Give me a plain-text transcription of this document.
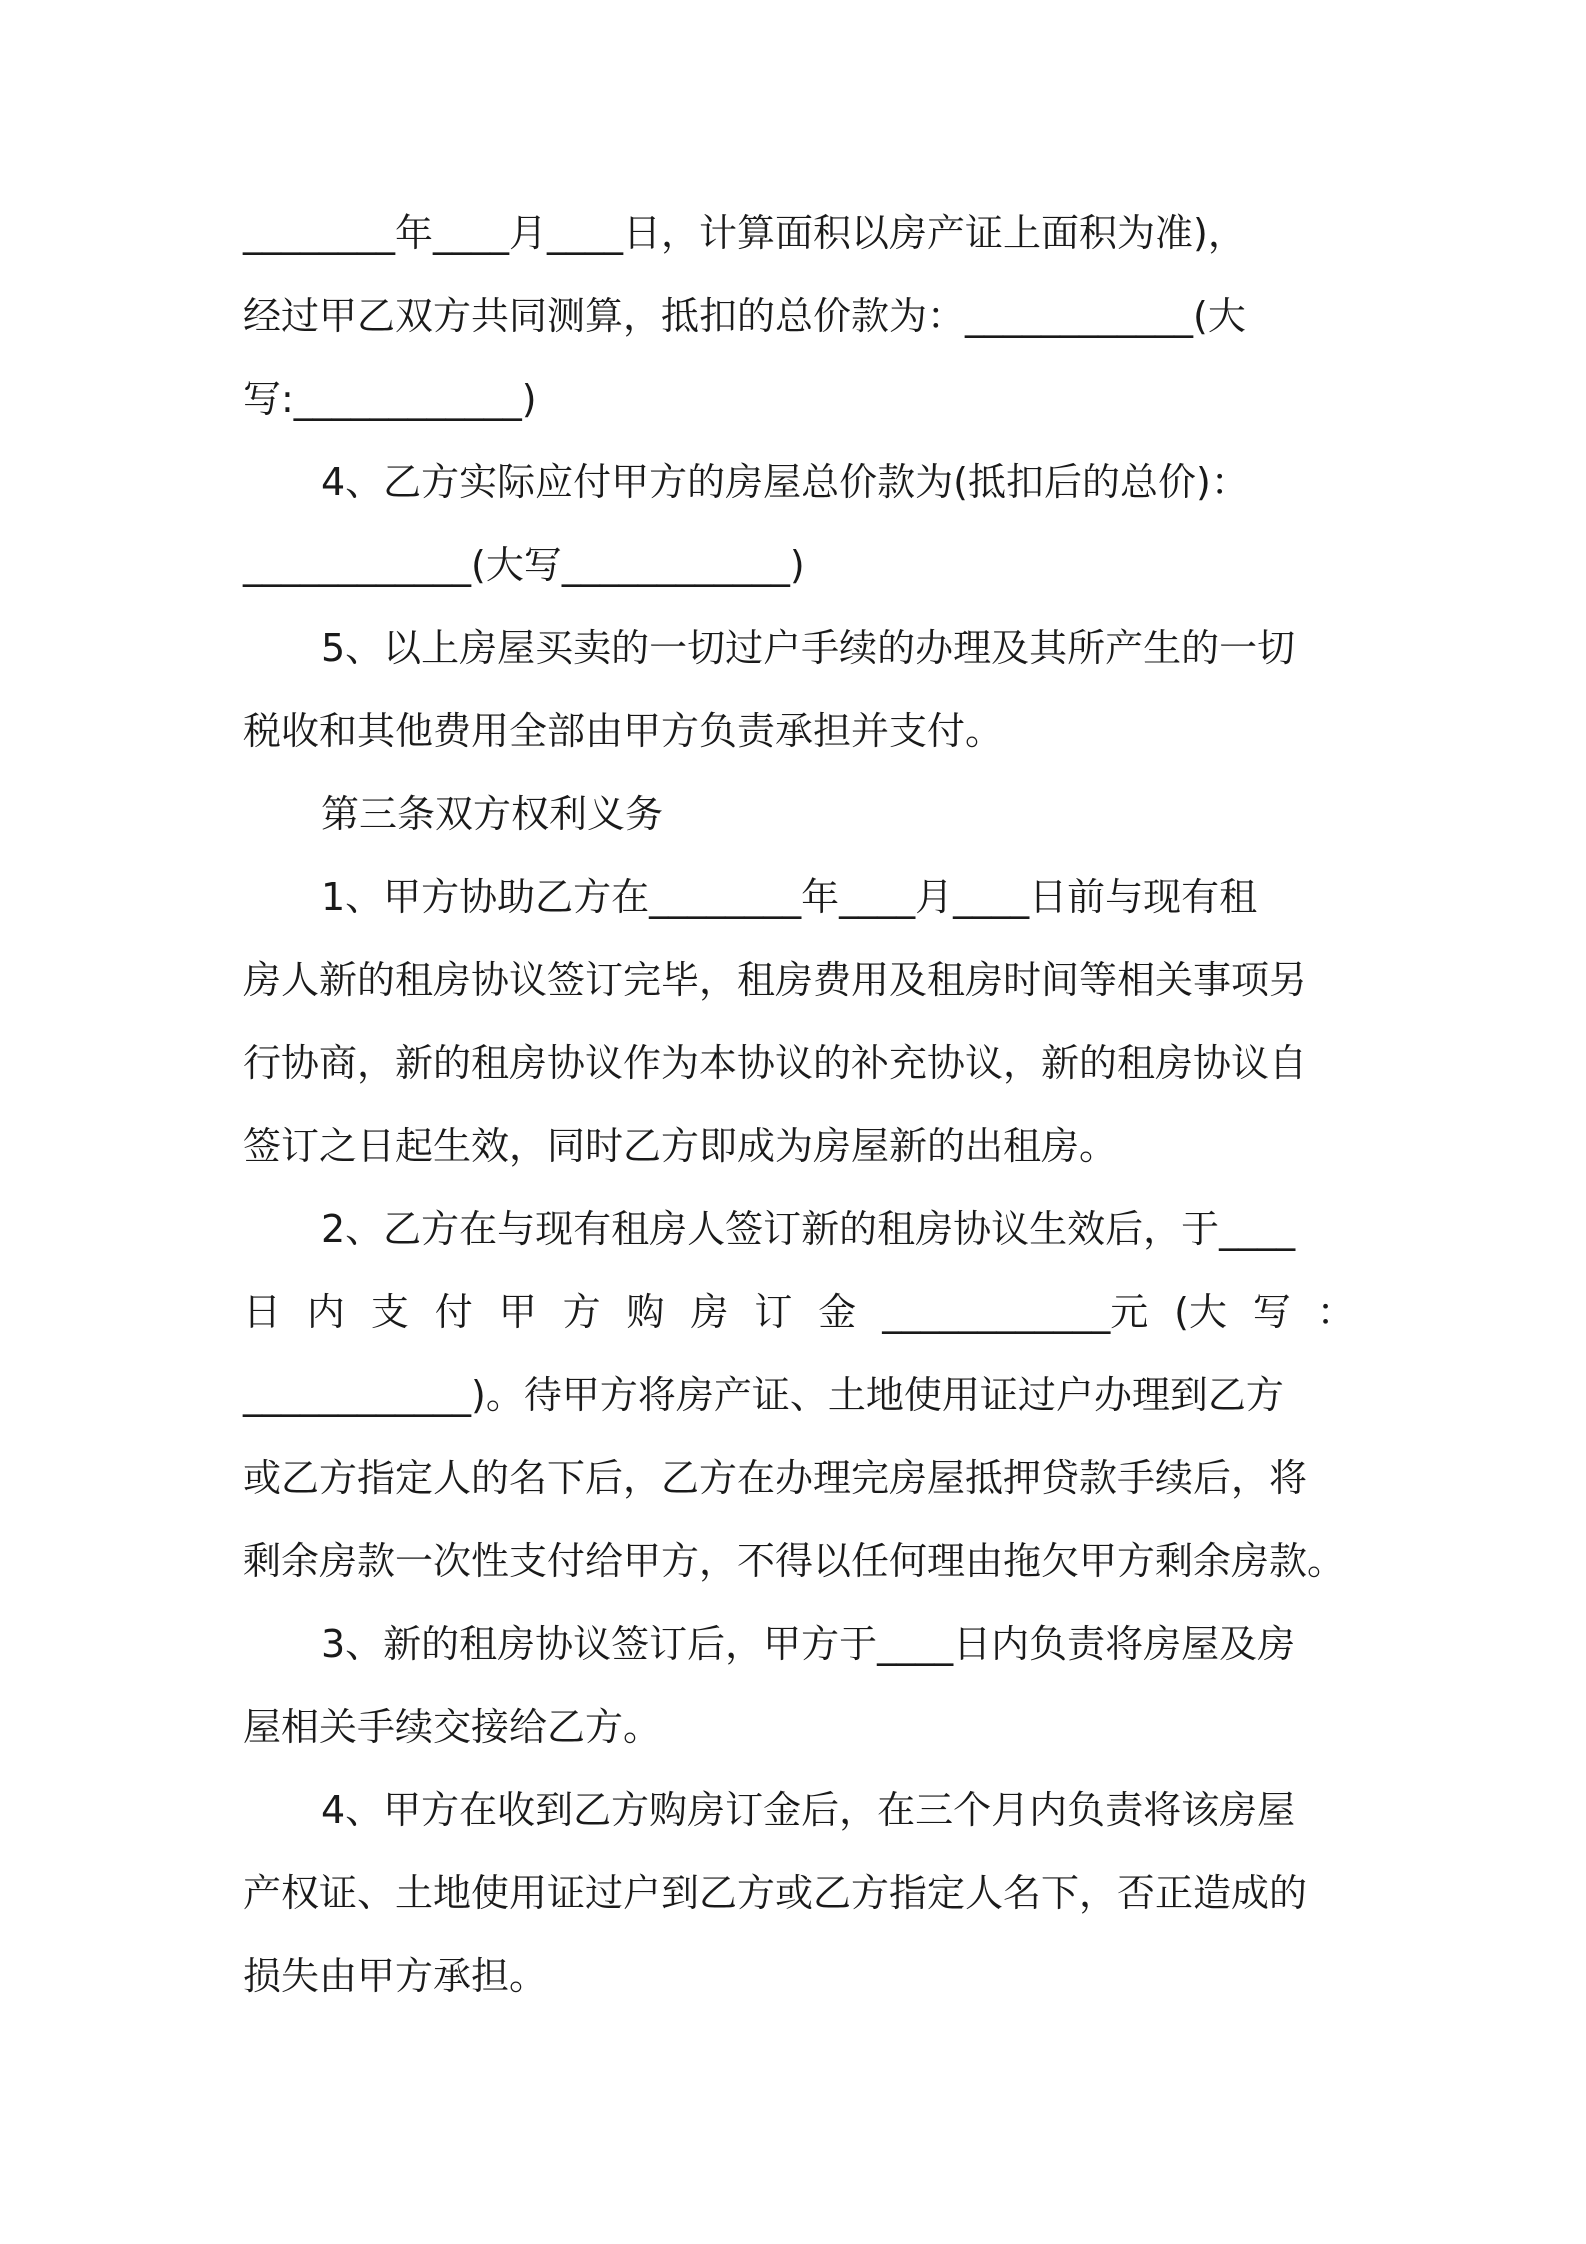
________年____月____日，计算面积以房产证上面积为准)，
经过甲乙双方共同测算，抵扣的总价款为：____________(大
写:____________)
4、乙方实际应付甲方的房屋总价款为(抵扣后的总价)：
____________(大写____________)
5、以上房屋买卖的一切过户手续的办理及其所产生的一切
税收和其他费用全部由甲方负责承担并支付。
第三条双方权利义务
1、甲方协助乙方在________年____月____日前与现有租
房人新的租房协议签订完毕，租房费用及租房时间等相关事项另
行协商，新的租房协议作为本协议的补充协议，新的租房协议自
签订之日起生效，同时乙方即成为房屋新的出租房。
2、乙方在与现有租房人签订新的租房协议生效后，于____
日 内 支 付 甲 方 购 房 订 金 ____________元 (大 写 ：
____________)。待甲方将房产证、土地使用证过户办理到乙方
或乙方指定人的名下后，乙方在办理完房屋抵押贷款手续后，将
剩余房款一次性支付给甲方，不得以任何理由拖欠甲方剩余房款。
3、新的租房协议签订后，甲方于____日内负责将房屋及房
屋相关手续交接给乙方。
4、甲方在收到乙方购房订金后，在三个月内负责将该房屋
产权证、土地使用证过户到乙方或乙方指定人名下，否正造成的
损失由甲方承担。
